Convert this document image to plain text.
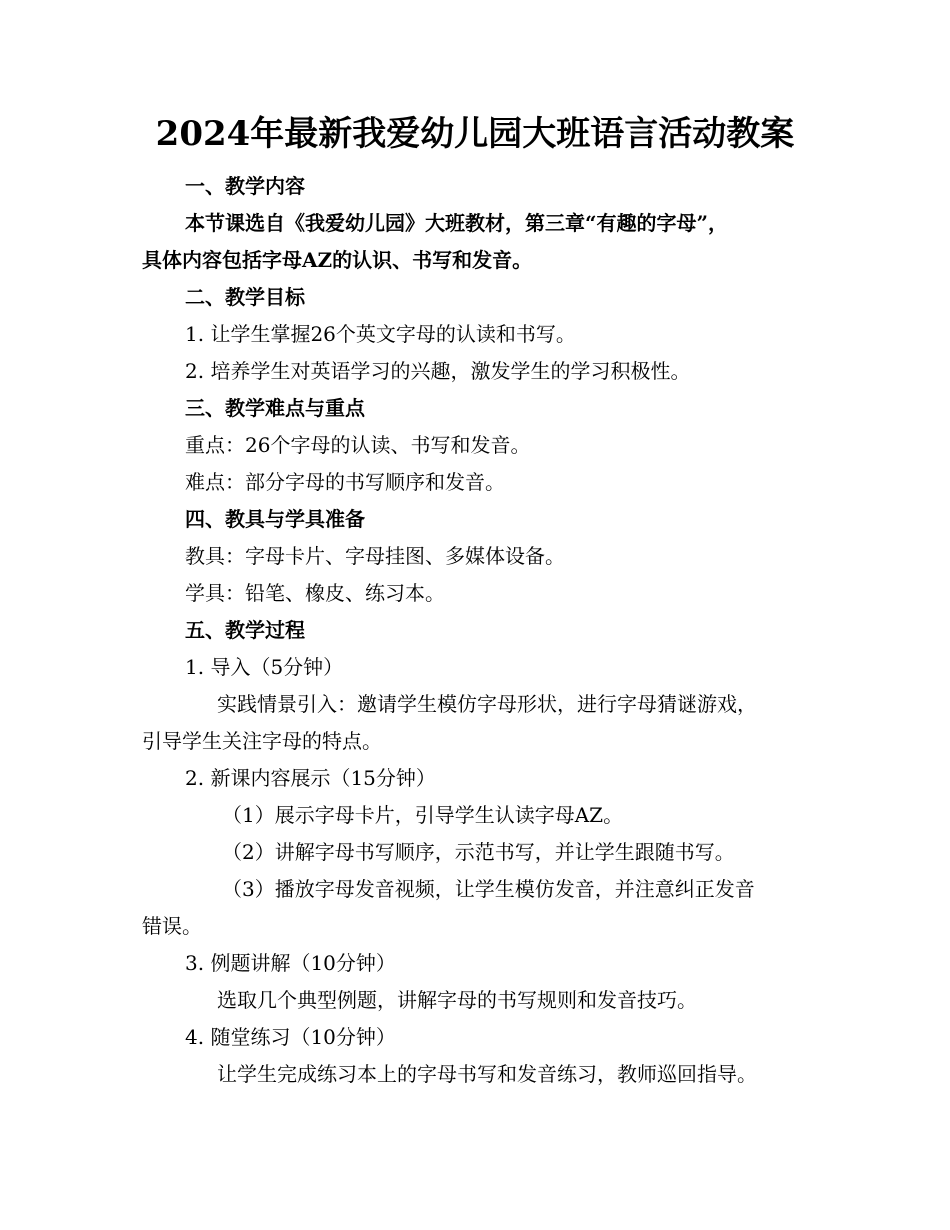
2024年最新我爱幼儿园大班语言活动教案
一、教学内容
本节课选自《我爱幼儿园》大班教材，第三章“有趣的字母”，
具体内容包括字母AZ的认识、书写和发音。
二、教学目标
1. 让学生掌握26个英文字母的认读和书写。
2. 培养学生对英语学习的兴趣，激发学生的学习积极性。
三、教学难点与重点
重点：26个字母的认读、书写和发音。
难点：部分字母的书写顺序和发音。
四、教具与学具准备
教具：字母卡片、字母挂图、多媒体设备。
学具：铅笔、橡皮、练习本。
五、教学过程
1. 导入（5分钟）
实践情景引入：邀请学生模仿字母形状，进行字母猜谜游戏，
引导学生关注字母的特点。
2. 新课内容展示（15分钟）
（1）展示字母卡片，引导学生认读字母AZ。
（2）讲解字母书写顺序，示范书写，并让学生跟随书写。
（3）播放字母发音视频，让学生模仿发音，并注意纠正发音
错误。
3. 例题讲解（10分钟）
选取几个典型例题，讲解字母的书写规则和发音技巧。
4. 随堂练习（10分钟）
让学生完成练习本上的字母书写和发音练习，教师巡回指导。
